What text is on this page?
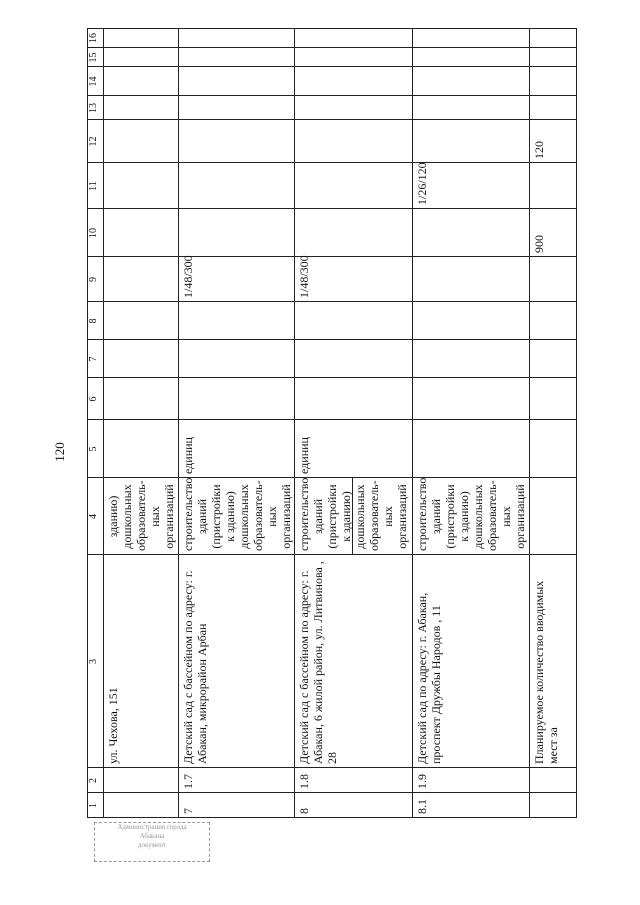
120
Администрация города
Абакана
документ
1
2
3
4
5
6
7
8
9
10
11
12
13
14
15
16
ул. Чехова, 151
зданию) дошкольных образователь-ных организаций
7
1.7
Детский сад с бассейном по адресу: г. Абакан, микрорайон Арбан
строительство зданий (пристройки к зданию) дошкольных образователь-ных организаций
единиц
1/48/300
8
1.8
Детский сад с бассейном по адресу: г. Абакан, 6 жилой район, ул. Литвинова , 28
строительство зданий (пристройки к зданию) дошкольных образователь-ных организаций
единиц
1/48/300
8.1
1.9
Детский сад по адресу: г. Абакан, проспект Дружбы Народов , 11
строительство зданий (пристройки к зданию) дошкольных образователь-ных организаций
1/26/120
Планируемое количество вводимых мест за
900
120
